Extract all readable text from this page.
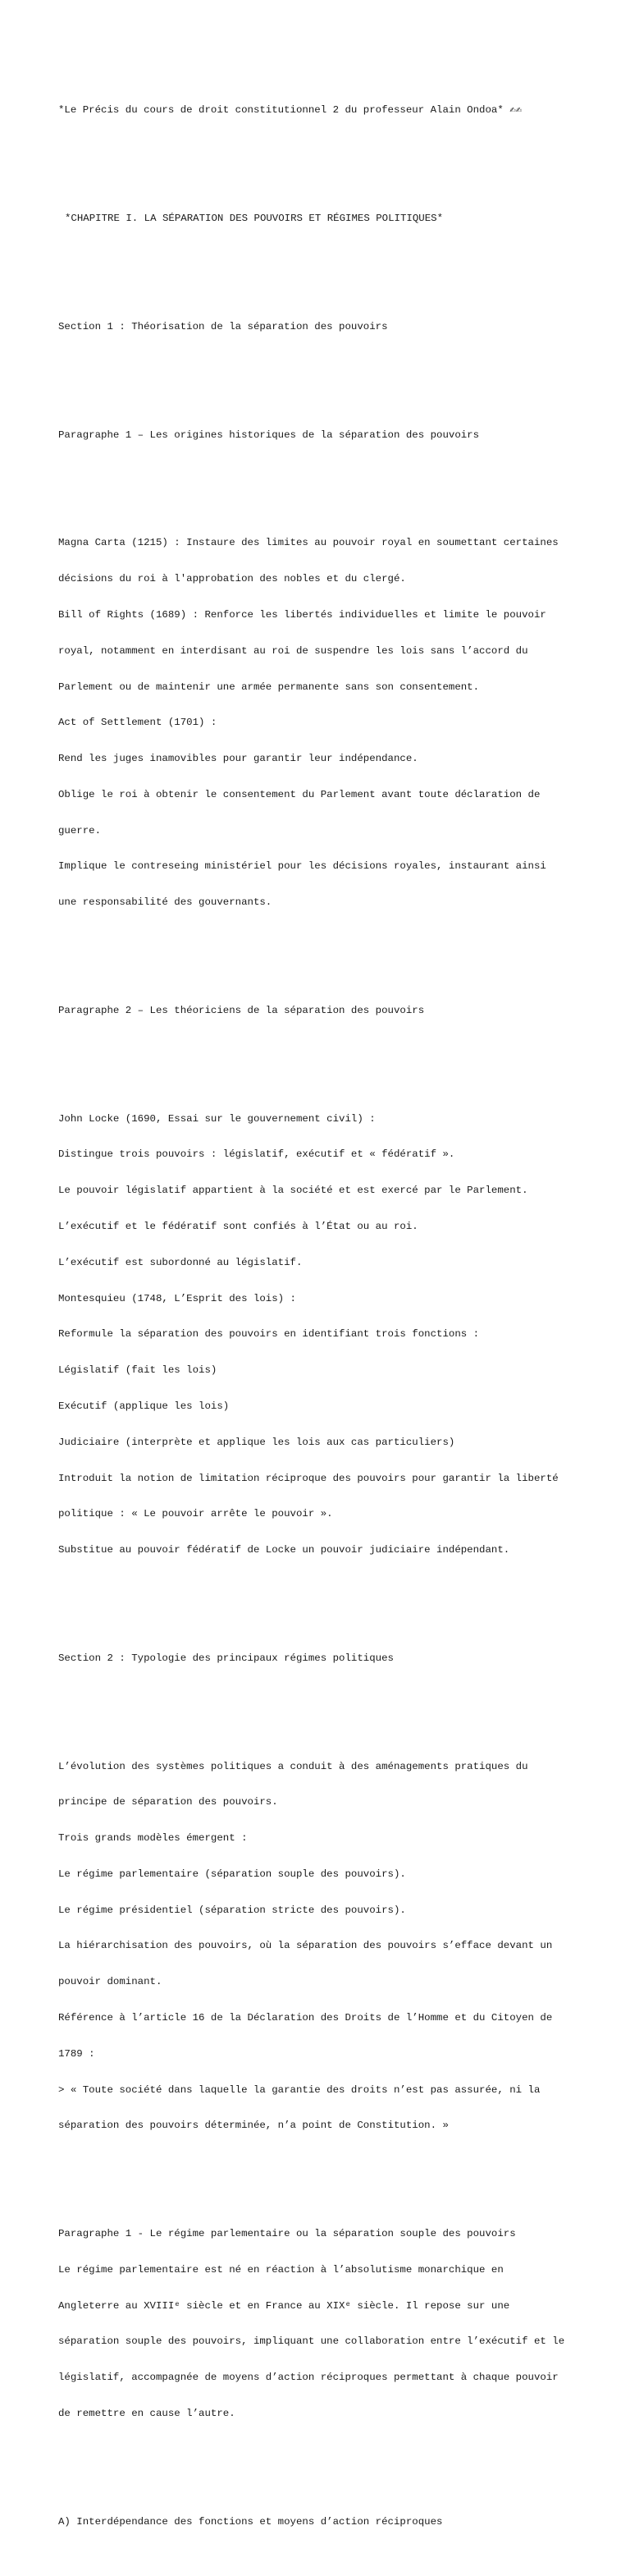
*Le Précis du cours de droit constitutionnel 2 du professeur Alain Ondoa* ✍✍

*CHAPITRE I. LA SÉPARATION DES POUVOIRS ET RÉGIMES POLITIQUES*

Section 1 : Théorisation de la séparation des pouvoirs

Paragraphe 1 – Les origines historiques de la séparation des pouvoirs

Magna Carta (1215) : Instaure des limites au pouvoir royal en soumettant certaines

décisions du roi à l'approbation des nobles et du clergé.

Bill of Rights (1689) : Renforce les libertés individuelles et limite le pouvoir

royal, notamment en interdisant au roi de suspendre les lois sans l’accord du

Parlement ou de maintenir une armée permanente sans son consentement.

Act of Settlement (1701) :

Rend les juges inamovibles pour garantir leur indépendance.

Oblige le roi à obtenir le consentement du Parlement avant toute déclaration de

guerre.

Implique le contreseing ministériel pour les décisions royales, instaurant ainsi

une responsabilité des gouvernants.

Paragraphe 2 – Les théoriciens de la séparation des pouvoirs

John Locke (1690, Essai sur le gouvernement civil) :

Distingue trois pouvoirs : législatif, exécutif et « fédératif ».

Le pouvoir législatif appartient à la société et est exercé par le Parlement.

L’exécutif et le fédératif sont confiés à l’État ou au roi.

L’exécutif est subordonné au législatif.

Montesquieu (1748, L’Esprit des lois) :

Reformule la séparation des pouvoirs en identifiant trois fonctions :

Législatif (fait les lois)

Exécutif (applique les lois)

Judiciaire (interprète et applique les lois aux cas particuliers)

Introduit la notion de limitation réciproque des pouvoirs pour garantir la liberté

politique : « Le pouvoir arrête le pouvoir ».

Substitue au pouvoir fédératif de Locke un pouvoir judiciaire indépendant.

Section 2 : Typologie des principaux régimes politiques

L’évolution des systèmes politiques a conduit à des aménagements pratiques du

principe de séparation des pouvoirs.

Trois grands modèles émergent :

Le régime parlementaire (séparation souple des pouvoirs).

Le régime présidentiel (séparation stricte des pouvoirs).

La hiérarchisation des pouvoirs, où la séparation des pouvoirs s’efface devant un

pouvoir dominant.

Référence à l’article 16 de la Déclaration des Droits de l’Homme et du Citoyen de

1789 :

> « Toute société dans laquelle la garantie des droits n’est pas assurée, ni la

séparation des pouvoirs déterminée, n’a point de Constitution. »

Paragraphe 1 - Le régime parlementaire ou la séparation souple des pouvoirs

Le régime parlementaire est né en réaction à l’absolutisme monarchique en

Angleterre au XVIIIᵉ siècle et en France au XIXᵉ siècle. Il repose sur une

séparation souple des pouvoirs, impliquant une collaboration entre l’exécutif et le

législatif, accompagnée de moyens d’action réciproques permettant à chaque pouvoir

de remettre en cause l’autre.

A) Interdépendance des fonctions et moyens d’action réciproques
